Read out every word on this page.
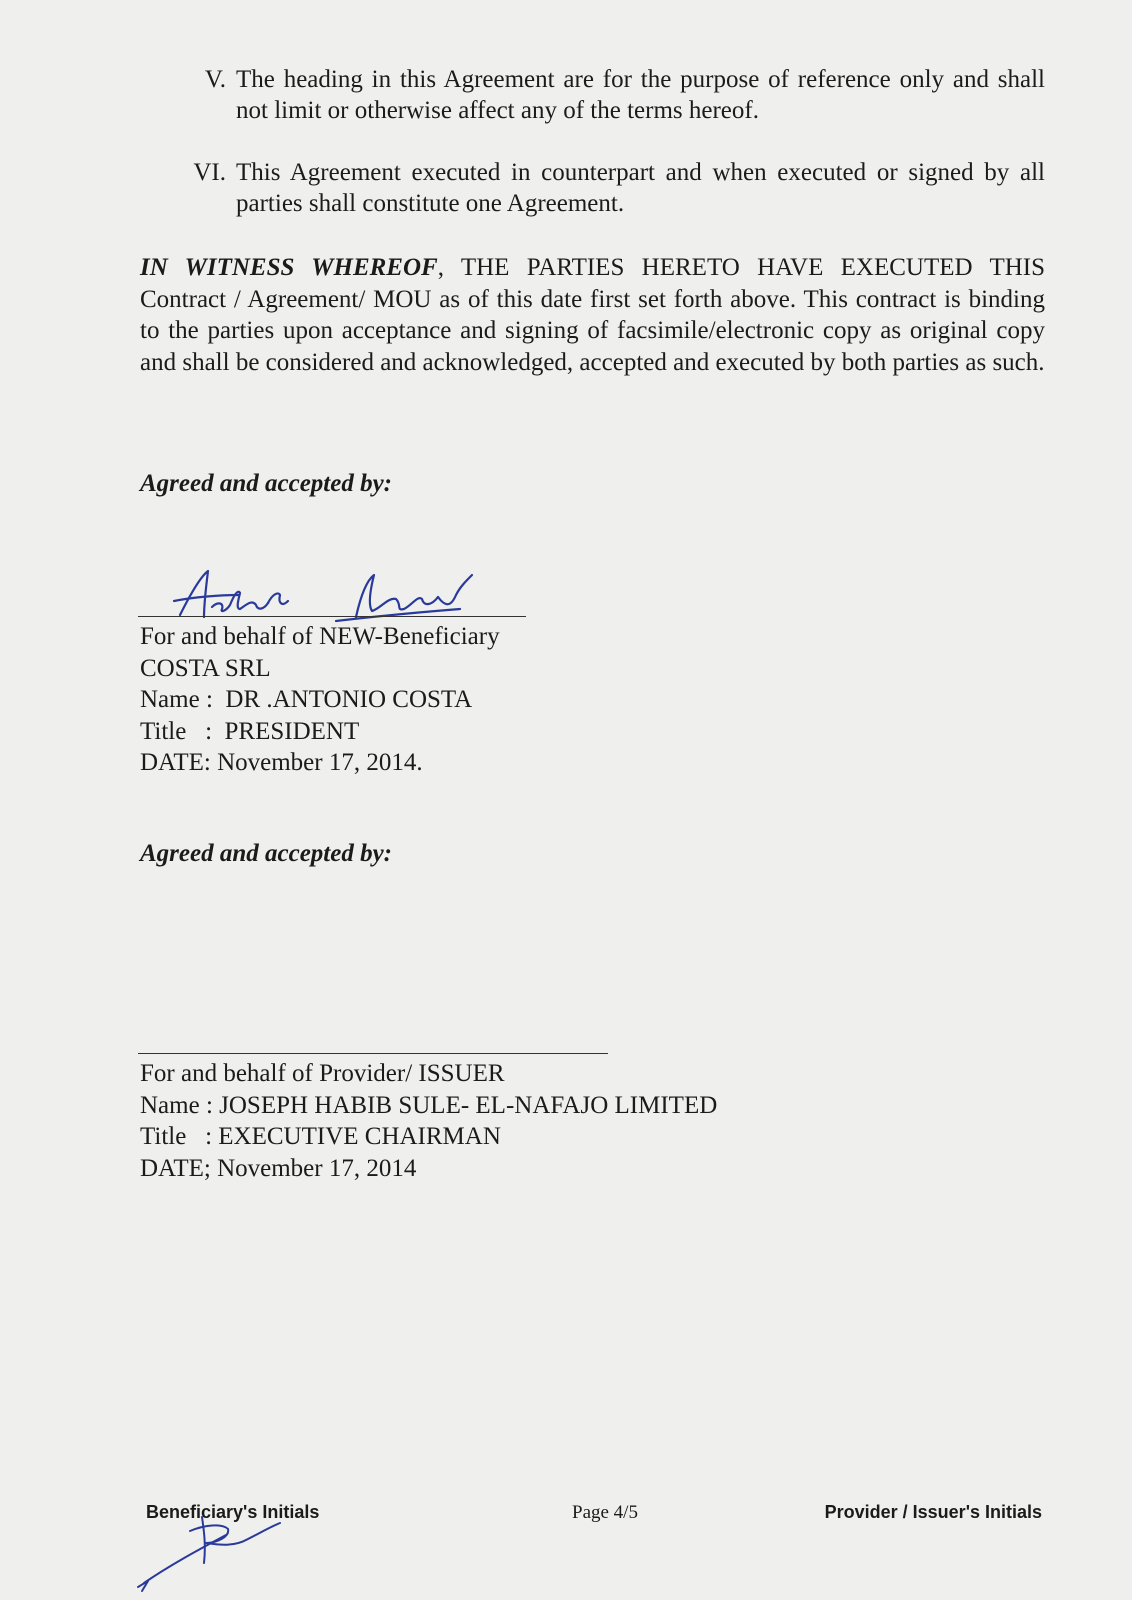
V. The heading in this Agreement are for the purpose of reference only and shall not limit or otherwise affect any of the terms hereof.
VI. This Agreement executed in counterpart and when executed or signed by all parties shall constitute one Agreement.
IN WITNESS WHEREOF, THE PARTIES HERETO HAVE EXECUTED THIS Contract / Agreement/ MOU as of this date first set forth above. This contract is binding to the parties upon acceptance and signing of facsimile/electronic copy as original copy and shall be considered and acknowledged, accepted and executed by both parties as such.
Agreed and accepted by:
For and behalf of NEW-Beneficiary
COSTA SRL
Name :  DR .ANTONIO COSTA
Title   :  PRESIDENT
DATE: November 17, 2014.
Agreed and accepted by:
For and behalf of Provider/ ISSUER
Name : JOSEPH HABIB SULE- EL-NAFAJO LIMITED
Title   : EXECUTIVE CHAIRMAN
DATE; November 17, 2014
Beneficiary's Initials	Page 4/5	Provider / Issuer's Initials
